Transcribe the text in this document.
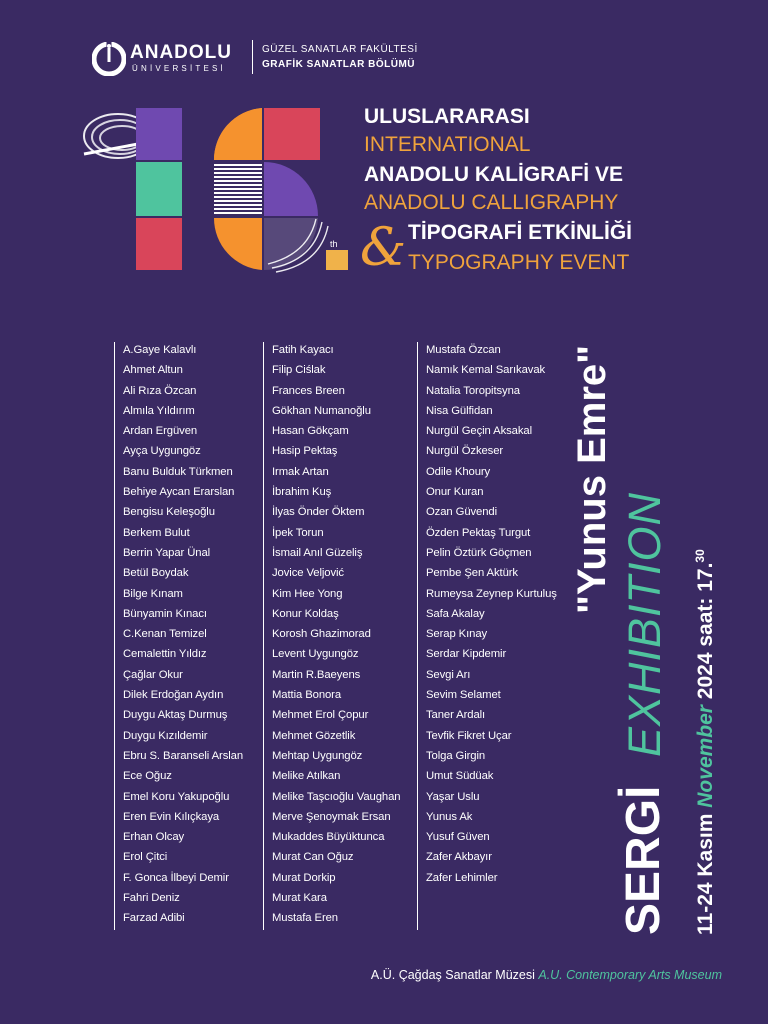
ANADOLU
ÜNİVERSİTESİ
GÜZEL SANATLAR FAKÜLTESİ
GRAFİK SANATLAR BÖLÜMÜ
th
ULUSLARARASI
INTERNATIONAL
ANADOLU KALİGRAFİ VE
ANADOLU CALLIGRAPHY
& TİPOGRAFİ ETKİNLİĞİ
TYPOGRAPHY EVENT
A.Gaye Kalavlı
Ahmet Altun
Ali Rıza Özcan
Almıla Yıldırım
Ardan Ergüven
Ayça Uygungöz
Banu Bulduk Türkmen
Behiye Aycan Erarslan
Bengisu Keleşoğlu
Berkem Bulut
Berrin Yapar Ünal
Betül Boydak
Bilge Kınam
Bünyamin Kınacı
C.Kenan Temizel
Cemalettin Yıldız
Çağlar Okur
Dilek Erdoğan Aydın
Duygu Aktaş Durmuş
Duygu Kızıldemir
Ebru S. Baranseli Arslan
Ece Oğuz
Emel Koru Yakupoğlu
Eren Evin Kılıçkaya
Erhan Olcay
Erol Çitci
F. Gonca İlbeyi Demir
Fahri Deniz
Farzad Adibi
Fatih Kayacı
Filip Ciślak
Frances Breen
Gökhan Numanoğlu
Hasan Gökçam
Hasip Pektaş
Irmak Artan
İbrahim Kuş
İlyas Önder Öktem
İpek Torun
İsmail Anıl Güzeliş
Jovice Veljović
Kim Hee Yong
Konur Koldaş
Korosh Ghazimorad
Levent Uygungöz
Martin R.Baeyens
Mattia Bonora
Mehmet Erol Çopur
Mehmet Gözetlik
Mehtap Uygungöz
Melike Atılkan
Melike Taşcıoğlu Vaughan
Merve Şenoymak Ersan
Mukaddes Büyüktunca
Murat Can Oğuz
Murat Dorkip
Murat Kara
Mustafa Eren
Mustafa Özcan
Namık Kemal Sarıkavak
Natalia Toropitsyna
Nisa Gülfidan
Nurgül Geçin Aksakal
Nurgül Özkeser
Odile Khoury
Onur Kuran
Ozan Güvendi
Özden Pektaş Turgut
Pelin Öztürk Göçmen
Pembe Şen Aktürk
Rumeysa Zeynep Kurtuluş
Safa Akalay
Serap Kınay
Serdar Kipdemir
Sevgi Arı
Sevim Selamet
Taner Ardalı
Tevfik Fikret Uçar
Tolga Girgin
Umut Südüak
Yaşar Uslu
Yunus Ak
Yusuf Güven
Zafer Akbayır
Zafer Lehimler
"Yunus Emre"
SERGİ
EXHIBITION
11-24 Kasım November 2024 saat: 17.30
A.Ü. Çağdaş Sanatlar Müzesi A.U. Contemporary Arts Museum
